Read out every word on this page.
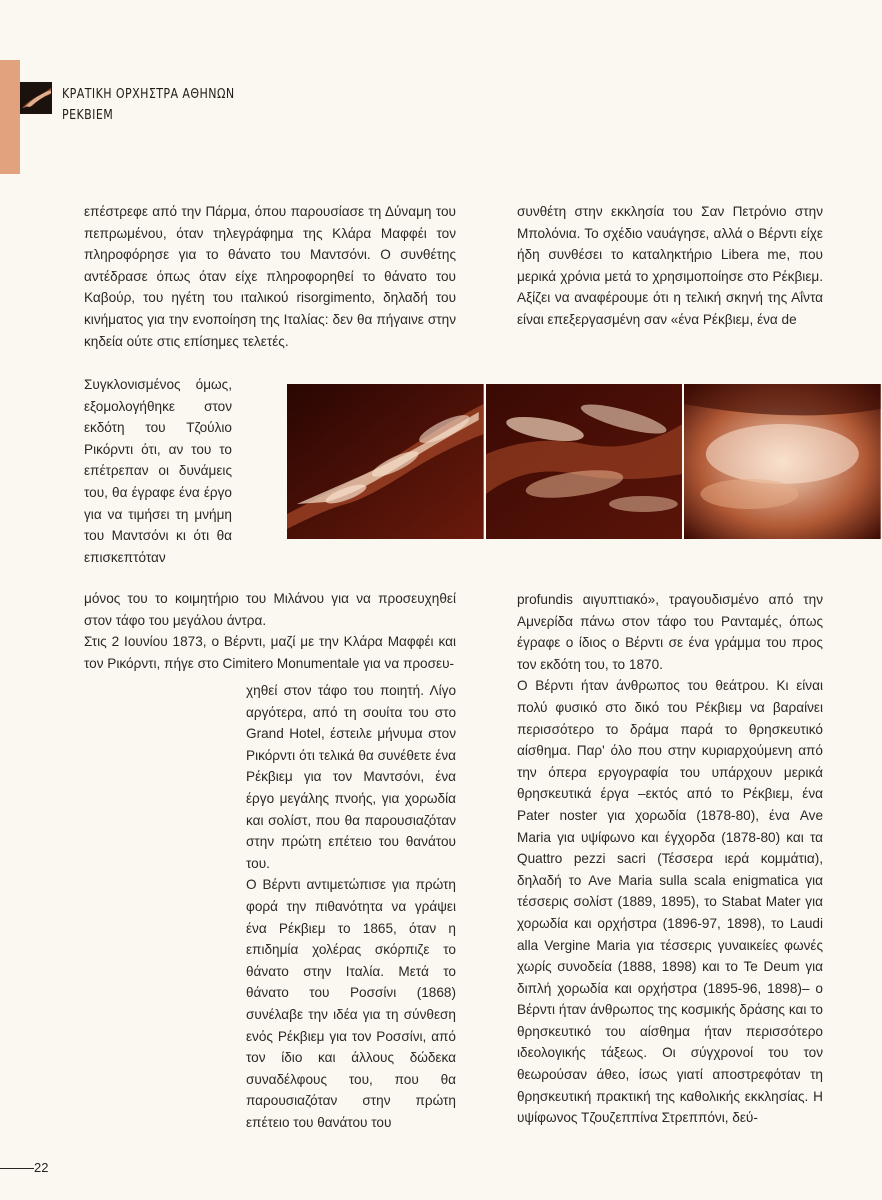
ΚΡΑΤΙΚΗ ΟΡΧΗΣΤΡΑ ΑΘΗΝΩΝ
ΡΕΚΒΙΕΜ

επέστρεφε από την Πάρμα, όπου παρουσίασε τη Δύναμη του πεπρωμένου, όταν τηλεγράφημα της Κλάρα Μαφφέι τον πληροφόρησε για το θάνατο του Μαντσόνι. Ο συνθέτης αντέδρασε όπως όταν είχε πληροφορηθεί το θάνατο του Καβούρ, του ηγέτη του ιταλικού risorgimento, δηλαδή του κινήματος για την ενοποίηση της Ιταλίας: δεν θα πήγαινε στην κηδεία ούτε στις επίσημες τελετές.

Συγκλονισμένος όμως, εξομολογήθηκε στον εκδότη του Τζούλιο Ρικόρντι ότι, αν του το επέτρεπαν οι δυνάμεις του, θα έγραφε ένα έργο για να τιμήσει τη μνήμη του Μαντσόνι κι ότι θα επισκεπτόταν

μόνος του το κοιμητήριο του Μιλάνου για να προσευχηθεί στον τάφο του μεγάλου άντρα.

Στις 2 Ιουνίου 1873, ο Βέρντι, μαζί με την Κλάρα Μαφφέι και τον Ρικόρντι, πήγε στο Cimitero Monumentale για να προσευ-

χηθεί στον τάφο του ποιητή. Λίγο αργότερα, από τη σουίτα του στο Grand Hotel, έστειλε μήνυμα στον Ρικόρντι ότι τελικά θα συνέθετε ένα Ρέκβιεμ για τον Μαντσόνι, ένα έργο μεγάλης πνοής, για χορωδία και σολίστ, που θα παρουσιαζόταν στην πρώτη επέτειο του θανάτου του.

Ο Βέρντι αντιμετώπισε για πρώτη φορά την πιθανότητα να γράψει ένα Ρέκβιεμ το 1865, όταν η επιδημία χολέρας σκόρπιζε το θάνατο στην Ιταλία. Μετά το θάνατο του Ροσσίνι (1868) συνέλαβε την ιδέα για τη σύνθεση ενός Ρέκβιεμ για τον Ροσσίνι, από τον ίδιο και άλλους δώδεκα συναδέλφους του, που θα παρουσιαζόταν στην πρώτη επέτειο του θανάτου του

συνθέτη στην εκκλησία του Σαν Πετρόνιο στην Μπολόνια. Το σχέδιο ναυάγησε, αλλά ο Βέρντι είχε ήδη συνθέσει το καταληκτήριο Libera me, που μερικά χρόνια μετά το χρησιμοποίησε στο Ρέκβιεμ. Αξίζει να αναφέρουμε ότι η τελική σκηνή της Αΐντα είναι επεξεργασμένη σαν «ένα Ρέκβιεμ, ένα de

profundis αιγυπτιακό», τραγουδισμένο από την Αμνερίδα πάνω στον τάφο του Ρανταμές, όπως έγραφε ο ίδιος ο Βέρντι σε ένα γράμμα του προς τον εκδότη του, το 1870.

Ο Βέρντι ήταν άνθρωπος του θεάτρου. Κι είναι πολύ φυσικό στο δικό του Ρέκβιεμ να βαραίνει περισσότερο το δράμα παρά το θρησκευτικό αίσθημα. Παρ' όλο που στην κυριαρχούμενη από την όπερα εργογραφία του υπάρχουν μερικά θρησκευτικά έργα –εκτός από το Ρέκβιεμ, ένα Pater noster για χορωδία (1878-80), ένα Ave Maria για υψίφωνο και έγχορδα (1878-80) και τα Quattro pezzi sacri (Τέσσερα ιερά κομμάτια), δηλαδή το Ave Maria sulla scala enigmatica για τέσσερις σολίστ (1889, 1895), το Stabat Mater για χορωδία και ορχήστρα (1896-97, 1898), το Laudi alla Vergine Maria για τέσσερις γυναικείες φωνές χωρίς συνοδεία (1888, 1898) και το Te Deum για διπλή χορωδία και ορχήστρα (1895-96, 1898)– ο Βέρντι ήταν άνθρωπος της κοσμικής δράσης και το θρησκευτικό του αίσθημα ήταν περισσότερο ιδεολογικής τάξεως. Οι σύγχρονοί του τον θεωρούσαν άθεο, ίσως γιατί αποστρεφόταν τη θρησκευτική πρακτική της καθολικής εκκλησίας. Η υψίφωνος Τζουζεππίνα Στρεππόνι, δεύ-

22
